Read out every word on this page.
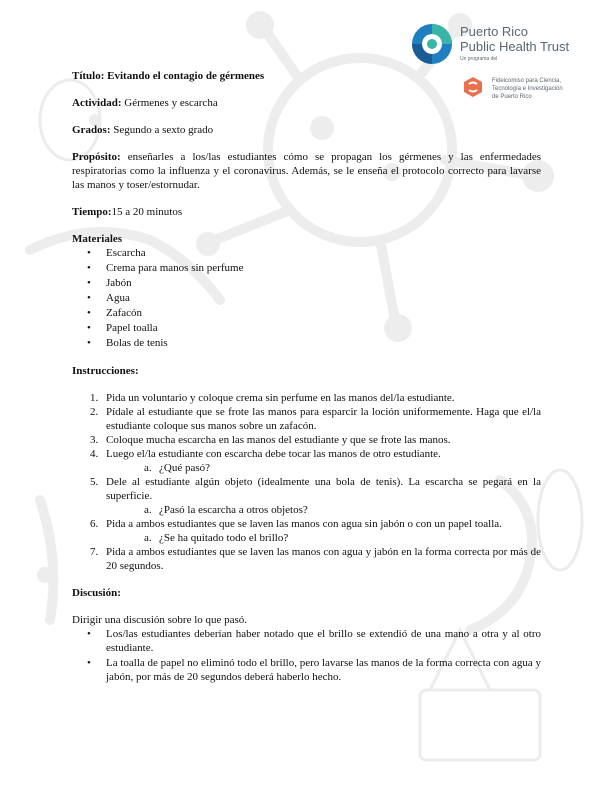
Puerto Rico
Public Health Trust
Un programa del
Fideicomiso para Ciencia,
Tecnología e Investigación
de Puerto Rico

Título: Evitando el contagio de gérmenes

Actividad: Gérmenes y escarcha

Grados: Segundo a sexto grado

Propósito: enseñarles a los/las estudiantes cómo se propagan los gérmenes y las enfermedades respiratorias como la influenza y el coronavirus. Además, se le enseña el protocolo correcto para lavarse las manos y toser/estornudar.

Tiempo:15 a 20 minutos

Materiales

• Escarcha
• Crema para manos sin perfume
• Jabón
• Agua
• Zafacón
• Papel toalla
• Bolas de tenis

Instrucciones:

1. Pida un voluntario y coloque crema sin perfume en las manos del/la estudiante.
2. Pídale al estudiante que se frote las manos para esparcir la loción uniformemente. Haga que el/la estudiante coloque sus manos sobre un zafacón.
3. Coloque mucha escarcha en las manos del estudiante y que se frote las manos.
4. Luego el/la estudiante con escarcha debe tocar las manos de otro estudiante.
a. ¿Qué pasó?
5. Dele al estudiante algún objeto (idealmente una bola de tenis). La escarcha se pegará en la superficie.
a. ¿Pasó la escarcha a otros objetos?
6. Pida a ambos estudiantes que se laven las manos con agua sin jabón o con un papel toalla.
a. ¿Se ha quitado todo el brillo?
7. Pida a ambos estudiantes que se laven las manos con agua y jabón en la forma correcta por más de 20 segundos.

Discusión:

Dirigir una discusión sobre lo que pasó.

• Los/las estudiantes deberían haber notado que el brillo se extendió de una mano a otra y al otro estudiante.
• La toalla de papel no eliminó todo el brillo, pero lavarse las manos de la forma correcta con agua y jabón, por más de 20 segundos deberá haberlo hecho.
